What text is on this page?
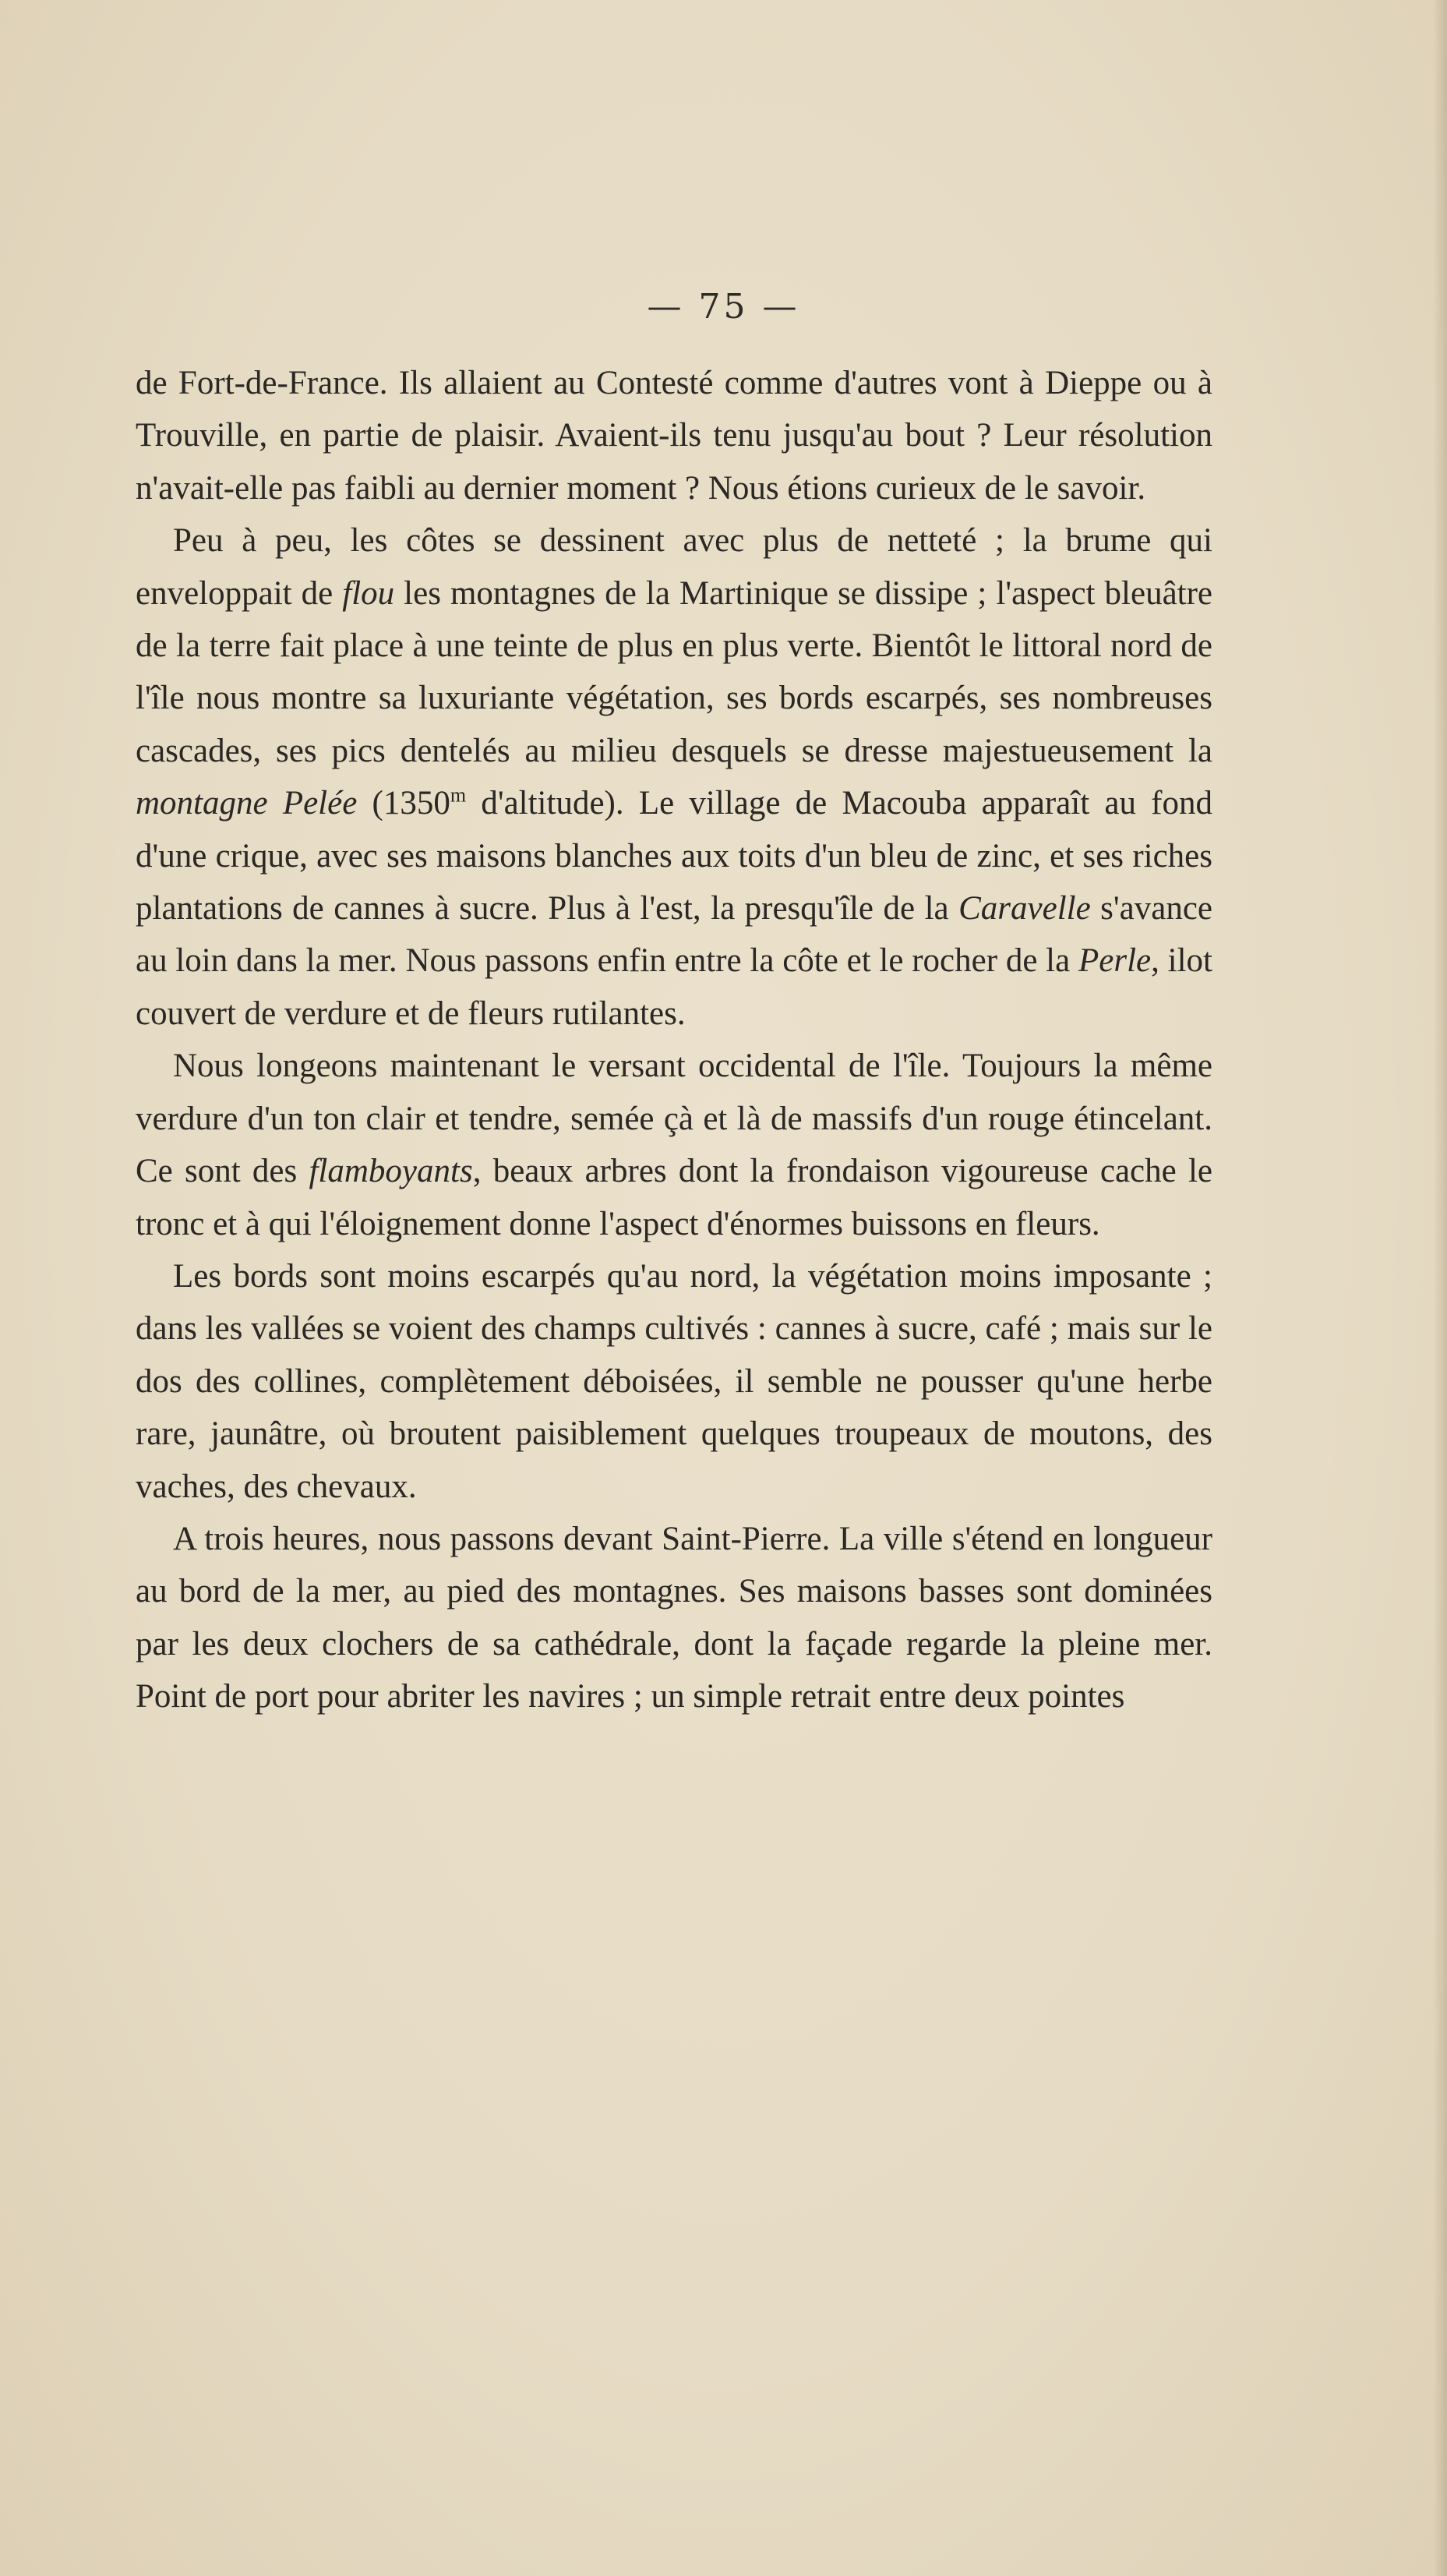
— 75 —

de Fort-de-France. Ils allaient au Contesté comme d'autres vont à Dieppe ou à Trouville, en partie de plaisir. Avaient-ils tenu jusqu'au bout ? Leur résolution n'avait-elle pas faibli au dernier moment ? Nous étions curieux de le savoir.

Peu à peu, les côtes se dessinent avec plus de netteté ; la brume qui enveloppait de flou les montagnes de la Martinique se dissipe ; l'aspect bleuâtre de la terre fait place à une teinte de plus en plus verte. Bientôt le littoral nord de l'île nous montre sa luxuriante végétation, ses bords escarpés, ses nombreuses cascades, ses pics dentelés au milieu desquels se dresse majestueusement la montagne Pelée (1350$^m$ d'altitude). Le village de Macouba apparaît au fond d'une crique, avec ses maisons blanches aux toits d'un bleu de zinc, et ses riches plantations de cannes à sucre. Plus à l'est, la presqu'île de la Caravelle s'avance au loin dans la mer. Nous passons enfin entre la côte et le rocher de la Perle, ilot couvert de verdure et de fleurs rutilantes.

Nous longeons maintenant le versant occidental de l'île. Toujours la même verdure d'un ton clair et tendre, semée çà et là de massifs d'un rouge étincelant. Ce sont des flamboyants, beaux arbres dont la frondaison vigoureuse cache le tronc et à qui l'éloignement donne l'aspect d'énormes buissons en fleurs.

Les bords sont moins escarpés qu'au nord, la végétation moins imposante ; dans les vallées se voient des champs cultivés : cannes à sucre, café ; mais sur le dos des collines, complètement déboisées, il semble ne pousser qu'une herbe rare, jaunâtre, où broutent paisiblement quelques troupeaux de moutons, des vaches, des chevaux.

A trois heures, nous passons devant Saint-Pierre. La ville s'étend en longueur au bord de la mer, au pied des montagnes. Ses maisons basses sont dominées par les deux clochers de sa cathédrale, dont la façade regarde la pleine mer. Point de port pour abriter les navires ; un simple retrait entre deux pointes
